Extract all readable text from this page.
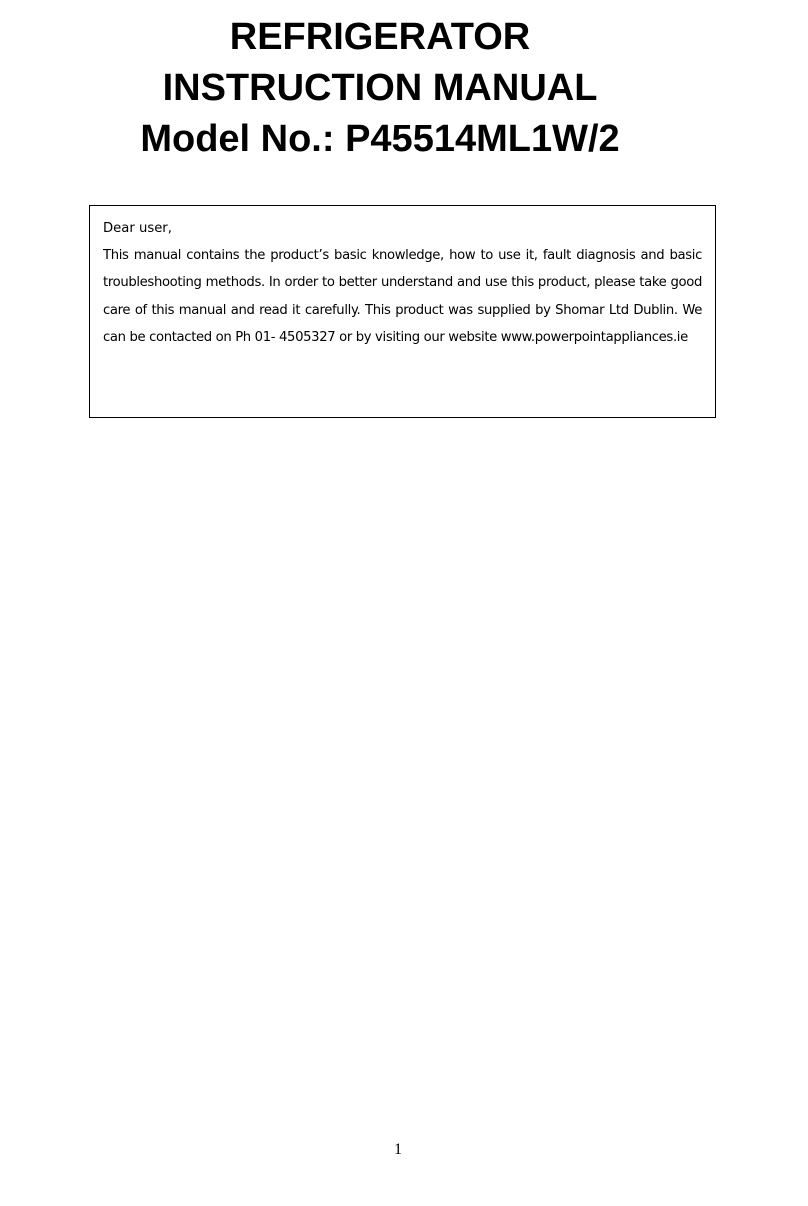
REFRIGERATOR
INSTRUCTION MANUAL
Model No.: P45514ML1W/2
Dear user,
This manual contains the product’s basic knowledge, how to use it, fault diagnosis and basic troubleshooting methods. In order to better understand and use this product, please take good care of this manual and read it carefully. This product was supplied by Shomar Ltd Dublin. We can be contacted on Ph 01- 4505327 or by visiting our website www.powerpointappliances.ie
1
